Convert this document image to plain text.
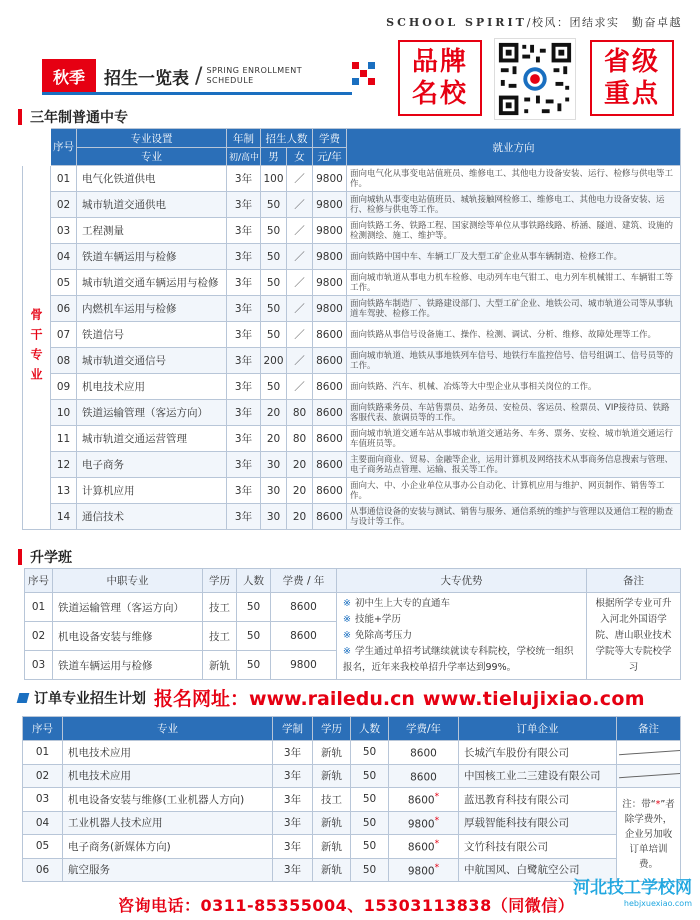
SCHOOL SPIRIT/校风：团结求实　勤奋卓越
秋季	招生一览表 / SPRING ENROLLMENT
SCHEDULE
品牌
名校
省级
重点
三年制普通中专
	序号	专业设置	年制	招生人数		学费	就业方向
		专业	初/高中	男	女	元/年	
骨干专业	01	电气化铁道供电	3年	100	／	9800	面向电气化从事变电站值班员、维修电工、其他电力设备安装、运行、检修与供电等工作。
	02	城市轨道交通供电	3年	50	／	9800	面向城轨从事变电站值班员、城轨接触网检修工、维修电工、其他电力设备安装、运行、检修与供电等工作。
	03	工程测量	3年	50	／	9800	面向铁路工务、铁路工程、国家测绘等单位从事铁路线路、桥涵、隧道、建筑、设施的检测测绘、施工、维护等。
	04	铁道车辆运用与检修	3年	50	／	9800	面向铁路中国中车、车辆工厂及大型工矿企业从事车辆制造、检修工作。
	05	城市轨道交通车辆运用与检修	3年	50	／	9800	面向城市轨道从事电力机车检修、电动列车电气钳工、电力列车机械钳工、车辆钳工等工作。
	06	内燃机车运用与检修	3年	50	／	9800	面向铁路车制造厂、铁路建设部门、大型工矿企业、地铁公司、城市轨道公司等从事轨道车驾驶、检修工作。
	07	铁道信号	3年	50	／	8600	面向铁路从事信号设备施工、操作、检测、调试、分析、维修、故障处理等工作。
	08	城市轨道交通信号	3年	200	／	8600	面向城市轨道、地铁从事地铁列车信号、地铁行车监控信号、信号组调工、信号员等的工作。
	09	机电技术应用	3年	50	／	8600	面向铁路、汽车、机械、冶炼等大中型企业从事相关岗位的工作。
	10	铁道运输管理（客运方向）	3年	20	80	8600	面向铁路乘务员、车站售票员、站务员、安检员、客运员、检票员、VIP接待员、铁路客服代表、旅调员等的工作。
	11	城市轨道交通运营管理	3年	20	80	8600	面向城市轨道交通车站从事城市轨道交通站务、车务、票务、安检、城市轨道交通运行车值班员等。
	12	电子商务	3年	30	20	8600	主要面向商业、贸易、金融等企业，运用计算机及网络技术从事商务信息搜索与管理、电子商务站点管理、运输、报关等工作。
	13	计算机应用	3年	30	20	8600	面向大、中、小企业单位从事办公自动化、计算机应用与维护、网页制作、销售等工作。
	14	通信技术	3年	30	20	8600	从事通信设备的安装与测试、销售与服务、通信系统的维护与管理以及通信工程的勘查与设计等工作。
升学班
序号	中职专业	学历	人数	学费 / 年	大专优势	备注
01	铁道运输管理（客运方向）	技工	50	8600	※ 初中生上大专的直通车
※ 技能+学历
※ 免除高考压力
※ 学生通过单招考试继续就读专科院校，学校统一组织报名，近年来我校单招升学率达到99%。	根据所学专业可升入河北外国语学院、唐山职业技术学院等大专院校学习
02	机电设备安装与维修	技工	50	8600		
03	铁道车辆运用与检修	新轨	50	9800		
订单专业招生计划 报名网址：www.railedu.cn www.tielujixiao.com
序号	专业	学制	学历	人数	学费/年	订单企业	备注
01	机电技术应用	3年	新轨	50	8600	长城汽车股份有限公司	

02	机电技术应用	3年	新轨	50	8600	中国核工业二三建设有限公司	

03	机电设备安装与维修(工业机器人方向)	3年	技工	50	8600*	蓝迅教育科技有限公司	注：带“*”者除学费外，企业另加收订单培训费。
04	工业机器人技术应用	3年	新轨	50	9800*	厚载智能科技有限公司	
05	电子商务(新媒体方向)	3年	新轨	50	8600*	文竹科技有限公司	
06	航空服务	3年	新轨	50	9800*	中航国风、白鹭航空公司	
咨询电话：0311-85355004、15303113838（同微信）
河北技工学校网
hebjxuexiao.com
